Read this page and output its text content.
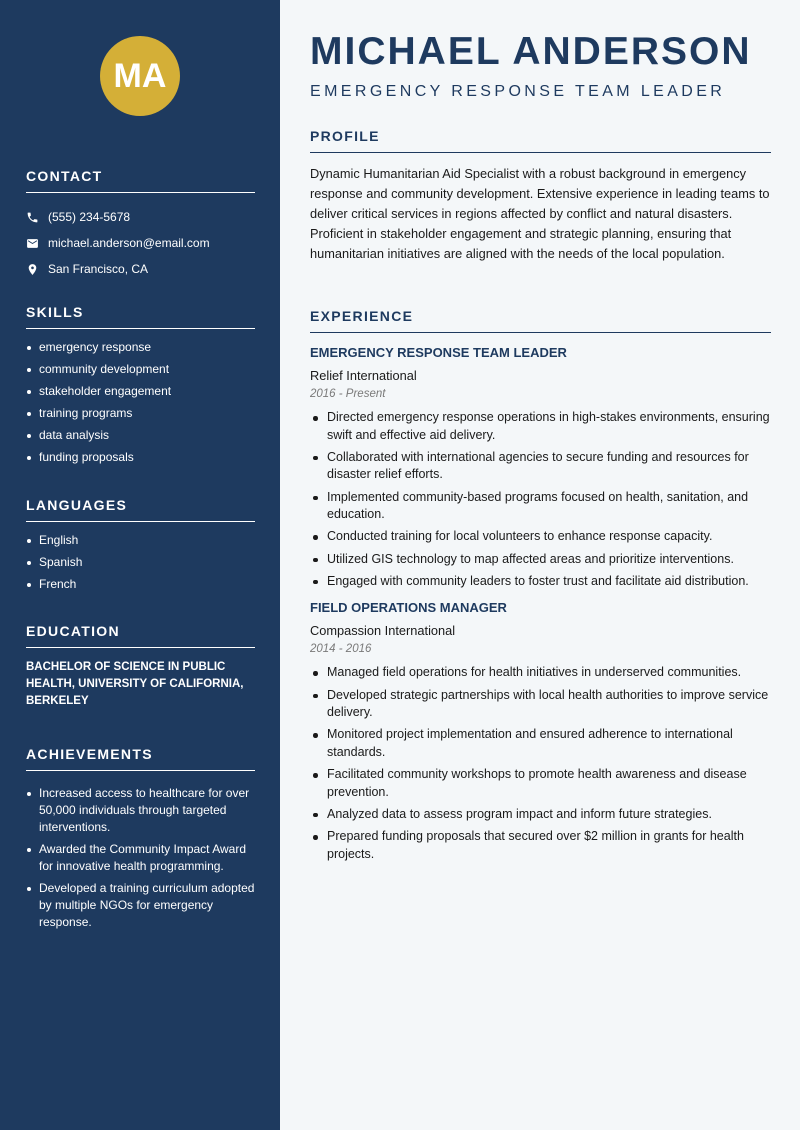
MA
CONTACT
(555) 234-5678
michael.anderson@email.com
San Francisco, CA
SKILLS
emergency response
community development
stakeholder engagement
training programs
data analysis
funding proposals
LANGUAGES
English
Spanish
French
EDUCATION
BACHELOR OF SCIENCE IN PUBLIC HEALTH, UNIVERSITY OF CALIFORNIA, BERKELEY
ACHIEVEMENTS
Increased access to healthcare for over 50,000 individuals through targeted interventions.
Awarded the Community Impact Award for innovative health programming.
Developed a training curriculum adopted by multiple NGOs for emergency response.
MICHAEL ANDERSON
EMERGENCY RESPONSE TEAM LEADER
PROFILE

Dynamic Humanitarian Aid Specialist with a robust background in emergency response and community development. Extensive experience in leading teams to deliver critical services in regions affected by conflict and natural disasters. Proficient in stakeholder engagement and strategic planning, ensuring that humanitarian initiatives are aligned with the needs of the local population.

EXPERIENCE
EMERGENCY RESPONSE TEAM LEADER
Relief International
2016 - Present
Directed emergency response operations in high-stakes environments, ensuring swift and effective aid delivery.
Collaborated with international agencies to secure funding and resources for disaster relief efforts.
Implemented community-based programs focused on health, sanitation, and education.
Conducted training for local volunteers to enhance response capacity.
Utilized GIS technology to map affected areas and prioritize interventions.
Engaged with community leaders to foster trust and facilitate aid distribution.
FIELD OPERATIONS MANAGER
Compassion International
2014 - 2016
Managed field operations for health initiatives in underserved communities.
Developed strategic partnerships with local health authorities to improve service delivery.
Monitored project implementation and ensured adherence to international standards.
Facilitated community workshops to promote health awareness and disease prevention.
Analyzed data to assess program impact and inform future strategies.
Prepared funding proposals that secured over $2 million in grants for health projects.
